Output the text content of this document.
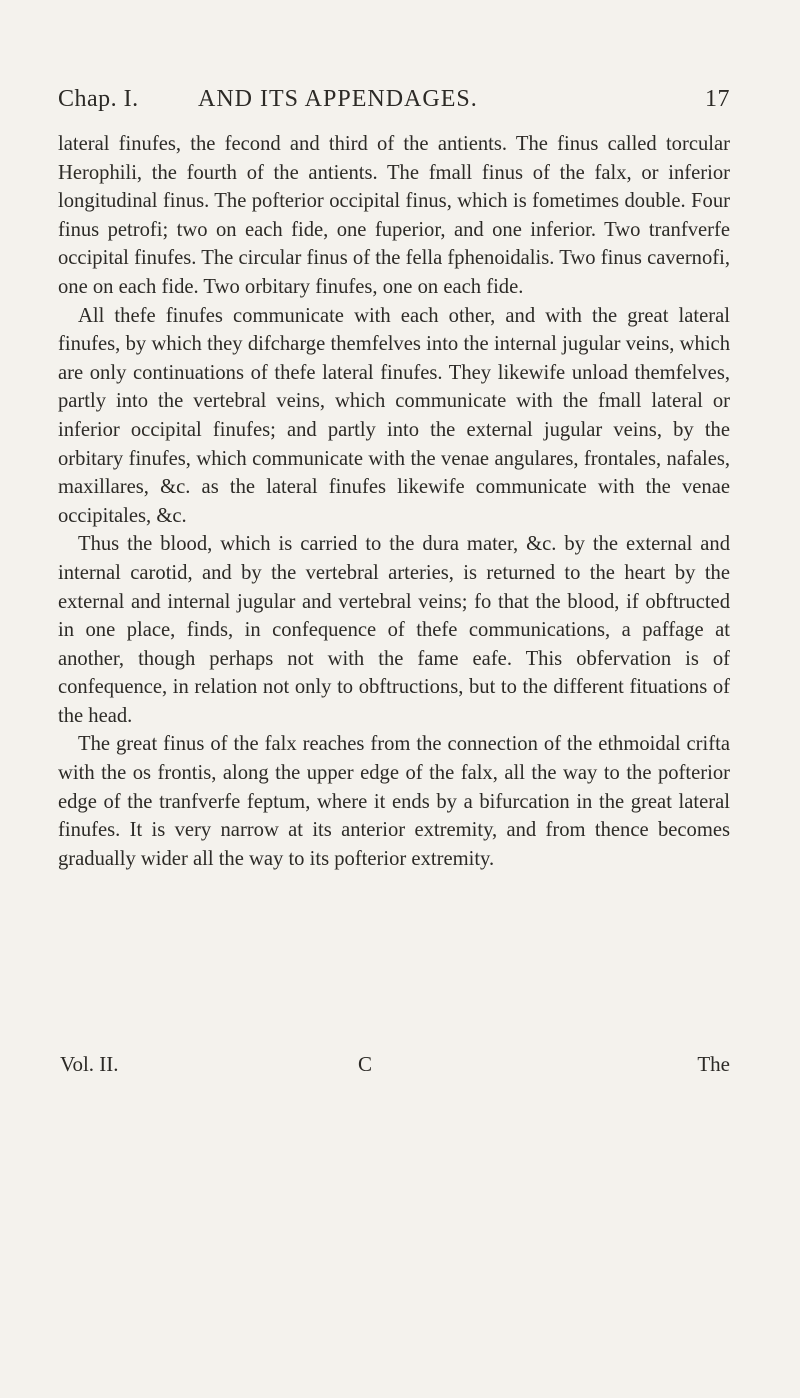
Chap. I. AND ITS APPENDAGES.	17

lateral finufes, the fecond and third of the antients. The finus called torcular Herophili, the fourth of the antients. The fmall finus of the falx, or inferior longitudinal finus. The pofterior occipital finus, which is fometimes double. Four finus petrofi; two on each fide, one fuperior, and one inferior. Two tranfverfe occipital finufes. The circular finus of the fella fphenoidalis. Two finus cavernofi, one on each fide. Two orbitary finufes, one on each fide.

All thefe finufes communicate with each other, and with the great lateral finufes, by which they difcharge themfelves into the internal jugular veins, which are only continuations of thefe lateral finufes. They likewife unload themfelves, partly into the vertebral veins, which communicate with the fmall lateral or inferior occipital finufes; and partly into the external jugular veins, by the orbitary finufes, which communicate with the venae angulares, frontales, nafales, maxillares, &c. as the lateral finufes likewife communicate with the venae occipitales, &c.

Thus the blood, which is carried to the dura mater, &c. by the external and internal carotid, and by the vertebral arteries, is returned to the heart by the external and internal jugular and vertebral veins; fo that the blood, if obftructed in one place, finds, in confequence of thefe communications, a paffage at another, though perhaps not with the fame eafe. This obfervation is of confequence, in relation not only to obftructions, but to the different fituations of the head.

The great finus of the falx reaches from the connection of the ethmoidal crifta with the os frontis, along the upper edge of the falx, all the way to the pofterior edge of the tranfverfe feptum, where it ends by a bifurcation in the great lateral finufes. It is very narrow at its anterior extremity, and from thence becomes gradually wider all the way to its pofterior extremity.

Vol. II.	C	The
